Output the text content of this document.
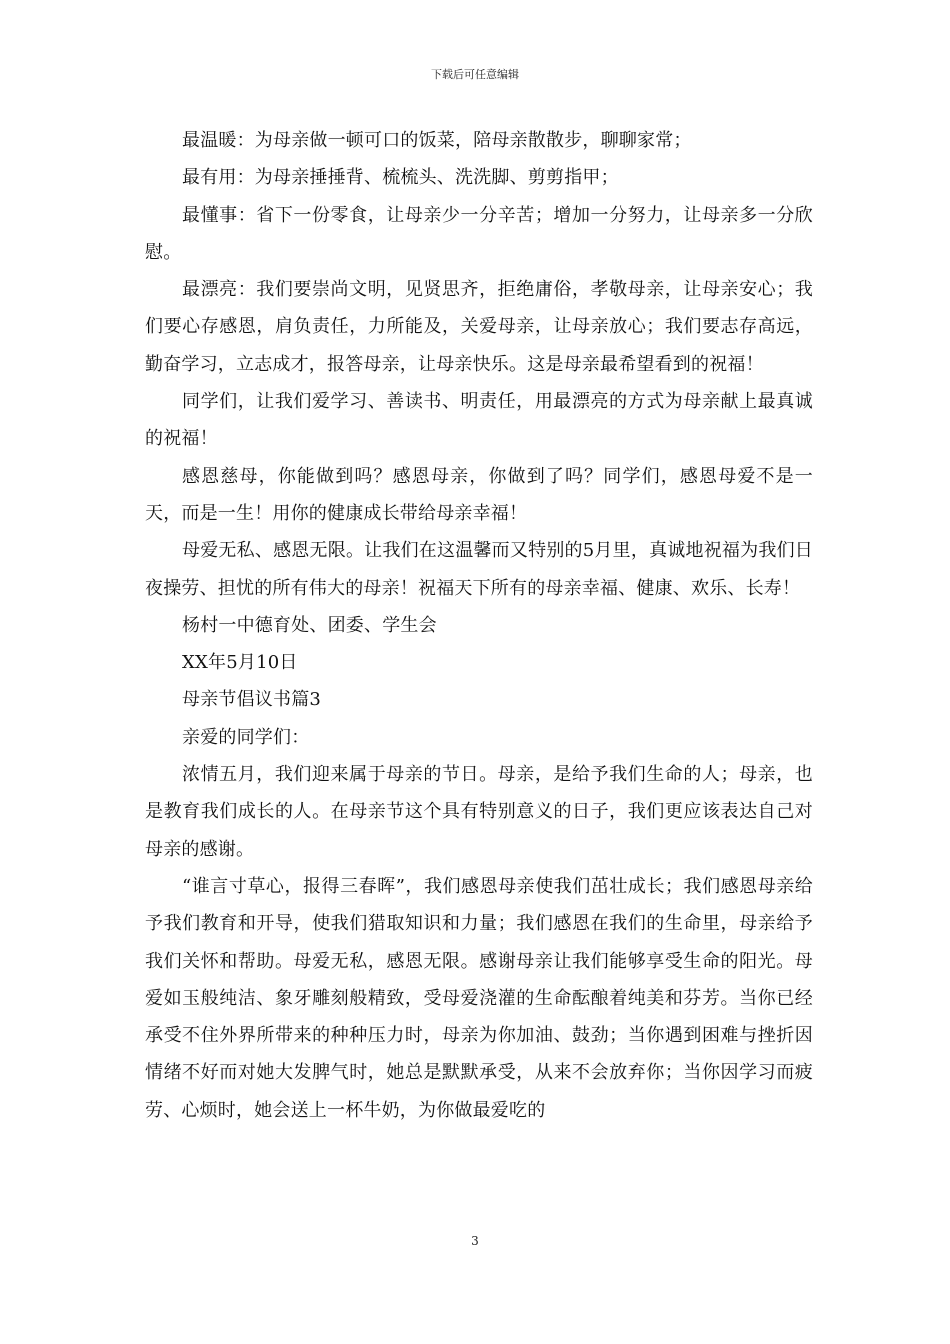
下载后可任意编辑

最温暖：为母亲做一顿可口的饭菜，陪母亲散散步，聊聊家常；

最有用：为母亲捶捶背、梳梳头、洗洗脚、剪剪指甲；

最懂事：省下一份零食，让母亲少一分辛苦；增加一分努力，让母亲多一分欣慰。

最漂亮：我们要崇尚文明，见贤思齐，拒绝庸俗，孝敬母亲，让母亲安心；我们要心存感恩，肩负责任，力所能及，关爱母亲，让母亲放心；我们要志存高远，勤奋学习，立志成才，报答母亲，让母亲快乐。这是母亲最希望看到的祝福！

同学们，让我们爱学习、善读书、明责任，用最漂亮的方式为母亲献上最真诚的祝福！

感恩慈母，你能做到吗？感恩母亲，你做到了吗？同学们，感恩母爱不是一天，而是一生！用你的健康成长带给母亲幸福！

母爱无私、感恩无限。让我们在这温馨而又特别的5月里，真诚地祝福为我们日夜操劳、担忧的所有伟大的母亲！祝福天下所有的母亲幸福、健康、欢乐、长寿！

杨村一中德育处、团委、学生会

XX年5月10日

母亲节倡议书篇3

亲爱的同学们：

浓情五月，我们迎来属于母亲的节日。母亲，是给予我们生命的人；母亲，也是教育我们成长的人。在母亲节这个具有特别意义的日子，我们更应该表达自己对母亲的感谢。

“谁言寸草心，报得三春晖”，我们感恩母亲使我们茁壮成长；我们感恩母亲给予我们教育和开导，使我们猎取知识和力量；我们感恩在我们的生命里，母亲给予我们关怀和帮助。母爱无私，感恩无限。感谢母亲让我们能够享受生命的阳光。母爱如玉般纯洁、象牙雕刻般精致，受母爱浇灌的生命酝酿着纯美和芬芳。当你已经承受不住外界所带来的种种压力时，母亲为你加油、鼓劲；当你遇到困难与挫折因情绪不好而对她大发脾气时，她总是默默承受，从来不会放弃你；当你因学习而疲劳、心烦时，她会送上一杯牛奶，为你做最爱吃的

3
